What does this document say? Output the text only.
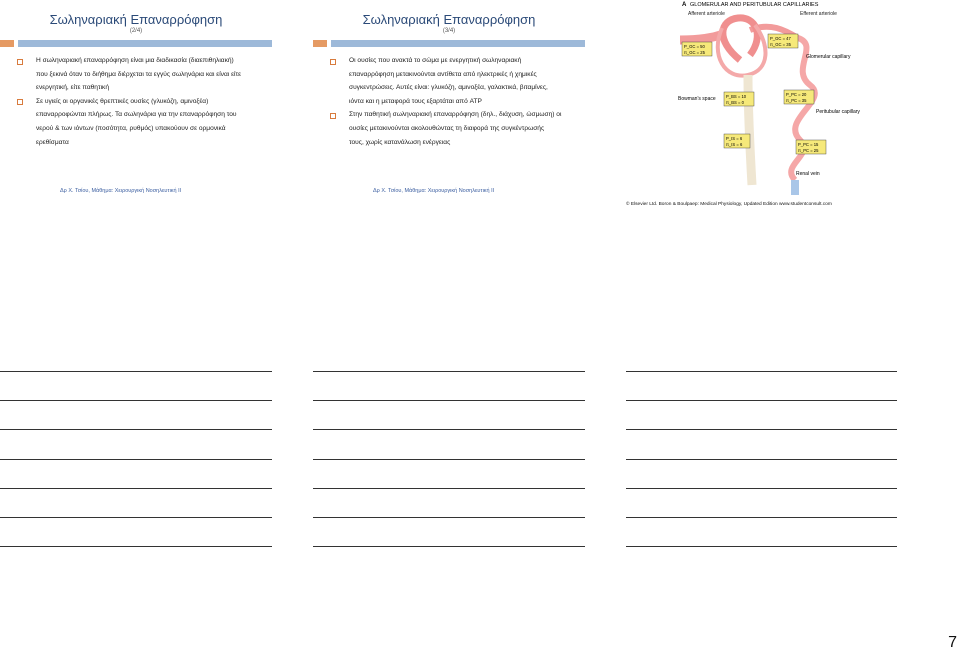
Σωληναριακή Επαναρρόφηση
(2/4)
Η σωληναριακή επαναρρόφηση είναι μια διαδικασία (διαεπιθηλιακή)
που ξεκινά όταν το διήθημα διέρχεται τα εγγύς σωληνάρια και είναι είτε
ενεργητική, είτε παθητική
Σε υγιείς οι οργανικές θρεπτικές ουσίες (γλυκόζη, αμινοξέα)
επαναρροφώνται πλήρως. Τα σωληνάρια για την επαναρρόφηση του
νερού & των ιόντων (ποσότητα, ρυθμός) υπακούουν σε ορμονικά
ερεθίσματα
Δρ Χ. Τσίου, Μάθημα: Χειρουργική Νοσηλευτική ΙΙ
Σωληναριακή Επαναρρόφηση
(3/4)
Οι ουσίες που ανακτά το σώμα με ενεργητική σωληναριακή
επαναρρόφηση μετακινούνται αντίθετα από ηλεκτρικές ή χημικές
συγκεντρώσεις. Αυτές είναι: γλυκόζη, αμινοξέα, γαλακτικά, βιταμίνες,
ιόντα και η μεταφορά τους εξαρτάται από ATP
Στην παθητική σωληναριακή επαναρρόφηση (δηλ., διάχυση, ώσμωση) οι
ουσίες μετακινούνται ακολουθώντας τη διαφορά της συγκέντρωσής
τους, χωρίς κατανάλωση ενέργειας
Δρ Χ. Τσίου, Μάθημα: Χειρουργική Νοσηλευτική ΙΙ
A GLOMERULAR AND PERITUBULAR CAPILLARIES
Afferent arteriole	Efferent arteriole
P_GC = 50
π_GC = 25
P_GC = 47
π_GC = 35
Glomerular capillary
Bowman's space P_BS = 10
π_BS = 0
P_PC = 20
π_PC = 35
Peritubular capillary
P_IS = 6
π_IS = 6	P_PC = 15
π_PC = 25
Renal vein
© Elsevier Ltd. Boron & Boulpaep: Medical Physiology, Updated Edition www.studentconsult.com
7
